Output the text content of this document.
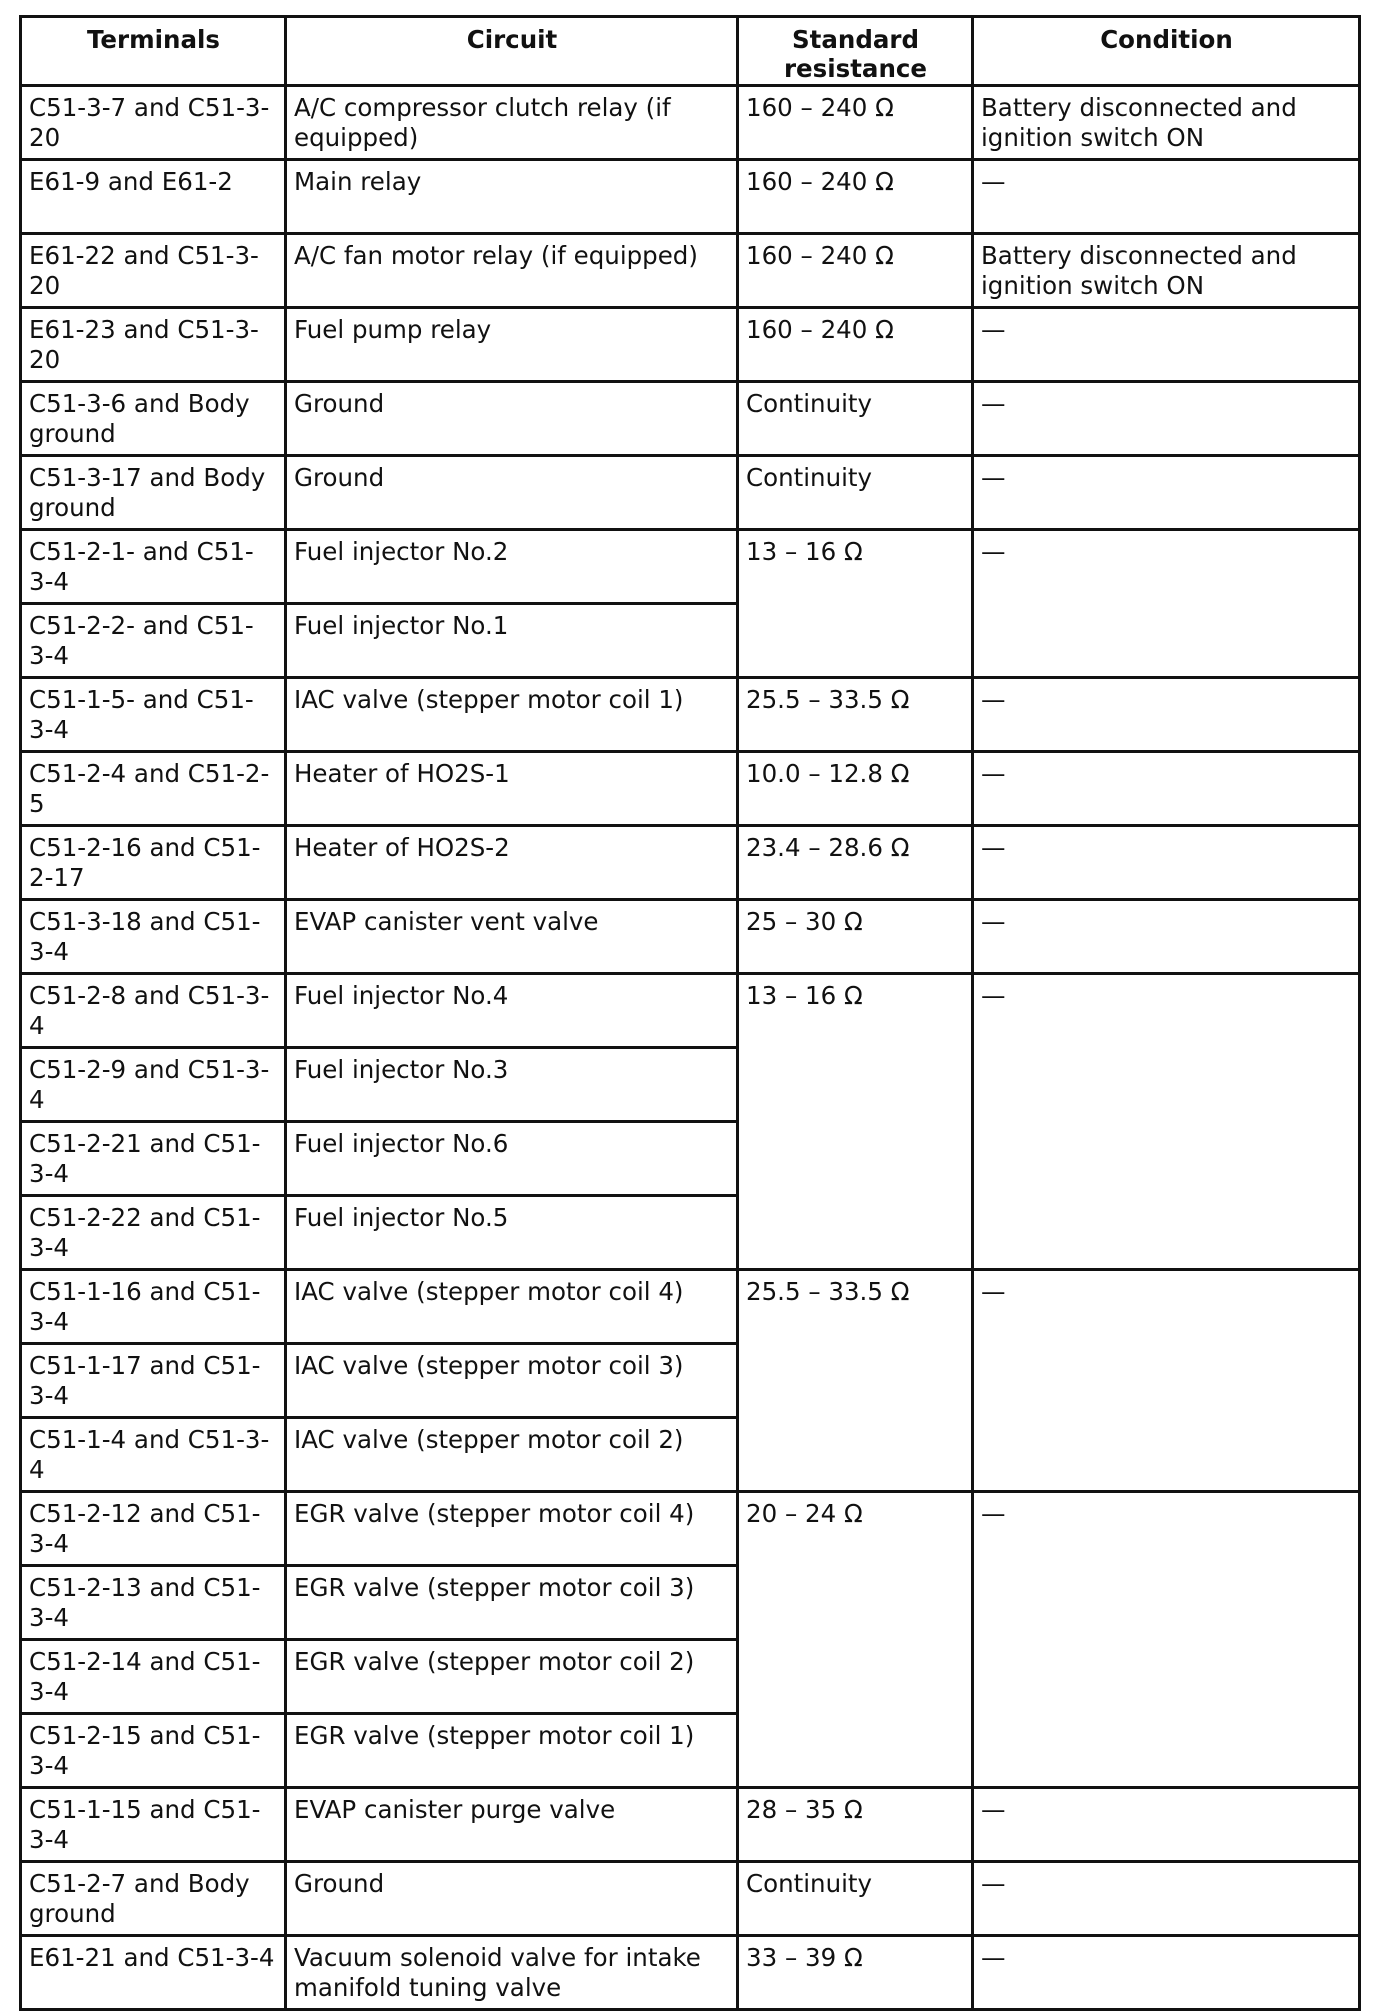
Terminals	Circuit	Standard resistance	Condition
C51-3-7 and C51-3-20	A/C compressor clutch relay (if equipped)	160 – 240 Ω	Battery disconnected and ignition switch ON
E61-9 and E61-2	Main relay	160 – 240 Ω	—
E61-22 and C51-3-20	A/C fan motor relay (if equipped)	160 – 240 Ω	Battery disconnected and ignition switch ON
E61-23 and C51-3-20	Fuel pump relay	160 – 240 Ω	—
C51-3-6 and Body ground	Ground	Continuity	—
C51-3-17 and Body ground	Ground	Continuity	—
C51-2-1- and C51-3-4	Fuel injector No.2	13 – 16 Ω	—
C51-2-2- and C51-3-4	Fuel injector No.1		
C51-1-5- and C51-3-4	IAC valve (stepper motor coil 1)	25.5 – 33.5 Ω	—
C51-2-4 and C51-2-5	Heater of HO2S-1	10.0 – 12.8 Ω	—
C51-2-16 and C51-2-17	Heater of HO2S-2	23.4 – 28.6 Ω	—
C51-3-18 and C51-3-4	EVAP canister vent valve	25 – 30 Ω	—
C51-2-8 and C51-3-4	Fuel injector No.4	13 – 16 Ω	—
C51-2-9 and C51-3-4	Fuel injector No.3		
C51-2-21 and C51-3-4	Fuel injector No.6		
C51-2-22 and C51-3-4	Fuel injector No.5		
C51-1-16 and C51-3-4	IAC valve (stepper motor coil 4)	25.5 – 33.5 Ω	—
C51-1-17 and C51-3-4	IAC valve (stepper motor coil 3)		
C51-1-4 and C51-3-4	IAC valve (stepper motor coil 2)		
C51-2-12 and C51-3-4	EGR valve (stepper motor coil 4)	20 – 24 Ω	—
C51-2-13 and C51-3-4	EGR valve (stepper motor coil 3)		
C51-2-14 and C51-3-4	EGR valve (stepper motor coil 2)		
C51-2-15 and C51-3-4	EGR valve (stepper motor coil 1)		
C51-1-15 and C51-3-4	EVAP canister purge valve	28 – 35 Ω	—
C51-2-7 and Body ground	Ground	Continuity	—
E61-21 and C51-3-4	Vacuum solenoid valve for intake manifold tuning valve	33 – 39 Ω	—
